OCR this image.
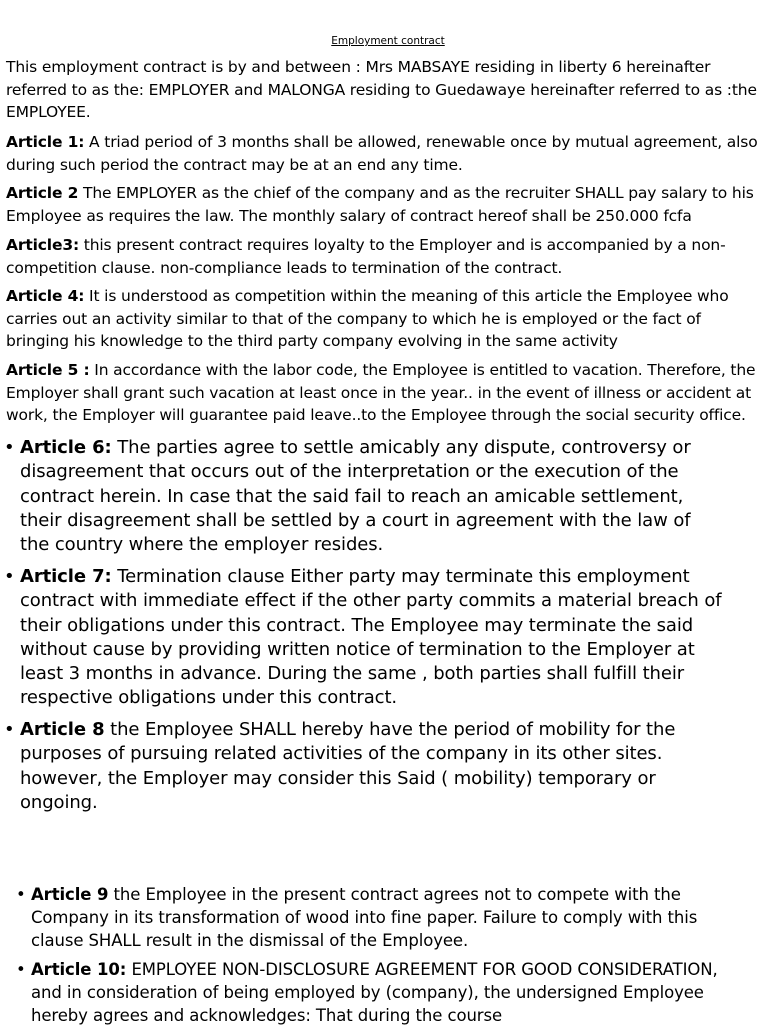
Employment contract
This employment contract is by and between : Mrs MABSAYE residing in liberty 6 hereinafter referred to as the: EMPLOYER and MALONGA residing to Guedawaye hereinafter referred to as :the EMPLOYEE.
Article 1: A triad period of 3 months shall be allowed, renewable once by mutual agreement, also during such period the contract may be at an end any time.
Article 2 The EMPLOYER as the chief of the company and as the recruiter SHALL pay salary to his Employee as requires the law. The monthly salary of contract hereof shall be 250.000 fcfa
Article3: this present contract requires loyalty to the Employer and is accompanied by a non-competition clause. non-compliance leads to termination of the contract.
Article 4: It is understood as competition within the meaning of this article the Employee who carries out an activity similar to that of the company to which he is employed or the fact of bringing his knowledge to the third party company evolving in the same activity
Article 5 : In accordance with the labor code, the Employee is entitled to vacation. Therefore, the Employer shall grant such vacation at least once in the year.. in the event of illness or accident at work, the Employer will guarantee paid leave..to the Employee through the social security office.
• Article 6: The parties agree to settle amicably any dispute, controversy or disagreement that occurs out of the interpretation or the execution of the contract herein. In case that the said fail to reach an amicable settlement, their disagreement shall be settled by a court in agreement with the law of the country where the employer resides.
• Article 7: Termination clause Either party may terminate this employment contract with immediate effect if the other party commits a material breach of their obligations under this contract. The Employee may terminate the said without cause by providing written notice of termination to the Employer at least 3 months in advance. During the same , both parties shall fulfill their respective obligations under this contract.
• Article 8 the Employee SHALL hereby have the period of mobility for the purposes of pursuing related activities of the company in its other sites. however, the Employer may consider this Said ( mobility) temporary or ongoing.
• Article 9 the Employee in the present contract agrees not to compete with the Company in its transformation of wood into fine paper. Failure to comply with this clause SHALL result in the dismissal of the Employee.
• Article 10: EMPLOYEE NON-DISCLOSURE AGREEMENT FOR GOOD CONSIDERATION, and in consideration of being employed by (company), the undersigned Employee hereby agrees and acknowledges: That during the course
